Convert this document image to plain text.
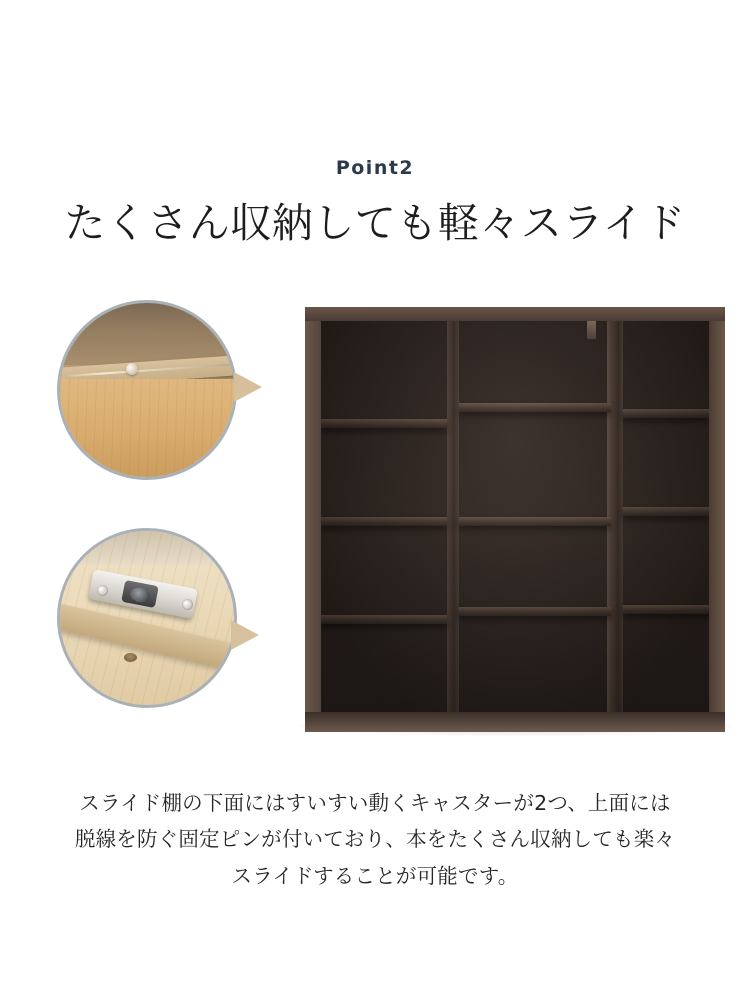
Point2
たくさん収納しても軽々スライド
スライド棚の下面にはすいすい動くキャスターが2つ、上面には
脱線を防ぐ固定ピンが付いており、本をたくさん収納しても楽々
スライドすることが可能です。
